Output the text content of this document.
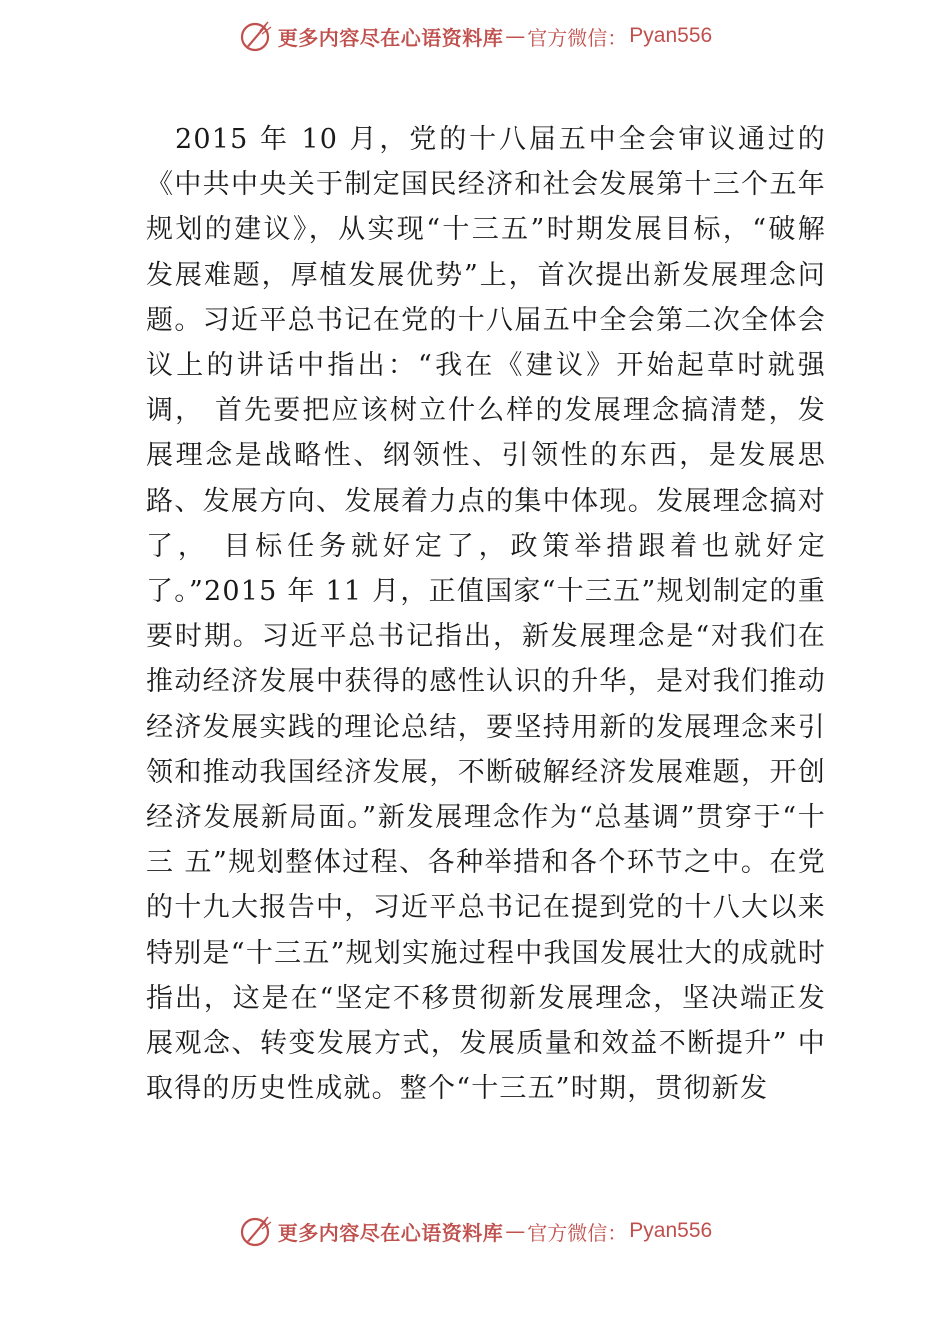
更多内容尽在心语资料库 — 官方微信： Pyan556

2015 年 10 月，党的十八届五中全会审议通过的《中共中央关于制定国民经济和社会发展第十三个五年规划的建议》，从实现“十三五”时期发展目标，“破解发展难题，厚植发展优势”上，首次提出新发展理念问题。习近平总书记在党的十八届五中全会第二次全体会议上的讲话中指出：“我在《建议》开始起草时就强调， 首先要把应该树立什么样的发展理念搞清楚，发展理念是战略性、纲领性、引领性的东西，是发展思路、发展方向、发展着力点的集中体现。发展理念搞对了， 目标任务就好定了，政策举措跟着也就好定了。”2015 年 11 月，正值国家“十三五”规划制定的重要时期。习近平总书记指出，新发展理念是“对我们在推动经济发展中获得的感性认识的升华，是对我们推动经济发展实践的理论总结，要坚持用新的发展理念来引领和推动我国经济发展，不断破解经济发展难题，开创经济发展新局面。”新发展理念作为“总基调”贯穿于“十三 五”规划整体过程、各种举措和各个环节之中。在党的十九大报告中，习近平总书记在提到党的十八大以来特别是“十三五”规划实施过程中我国发展壮大的成就时指出，这是在“坚定不移贯彻新发展理念，坚决端正发展观念、转变发展方式，发展质量和效益不断提升” 中取得的历史性成就。整个“十三五”时期，贯彻新发

更多内容尽在心语资料库 — 官方微信： Pyan556
